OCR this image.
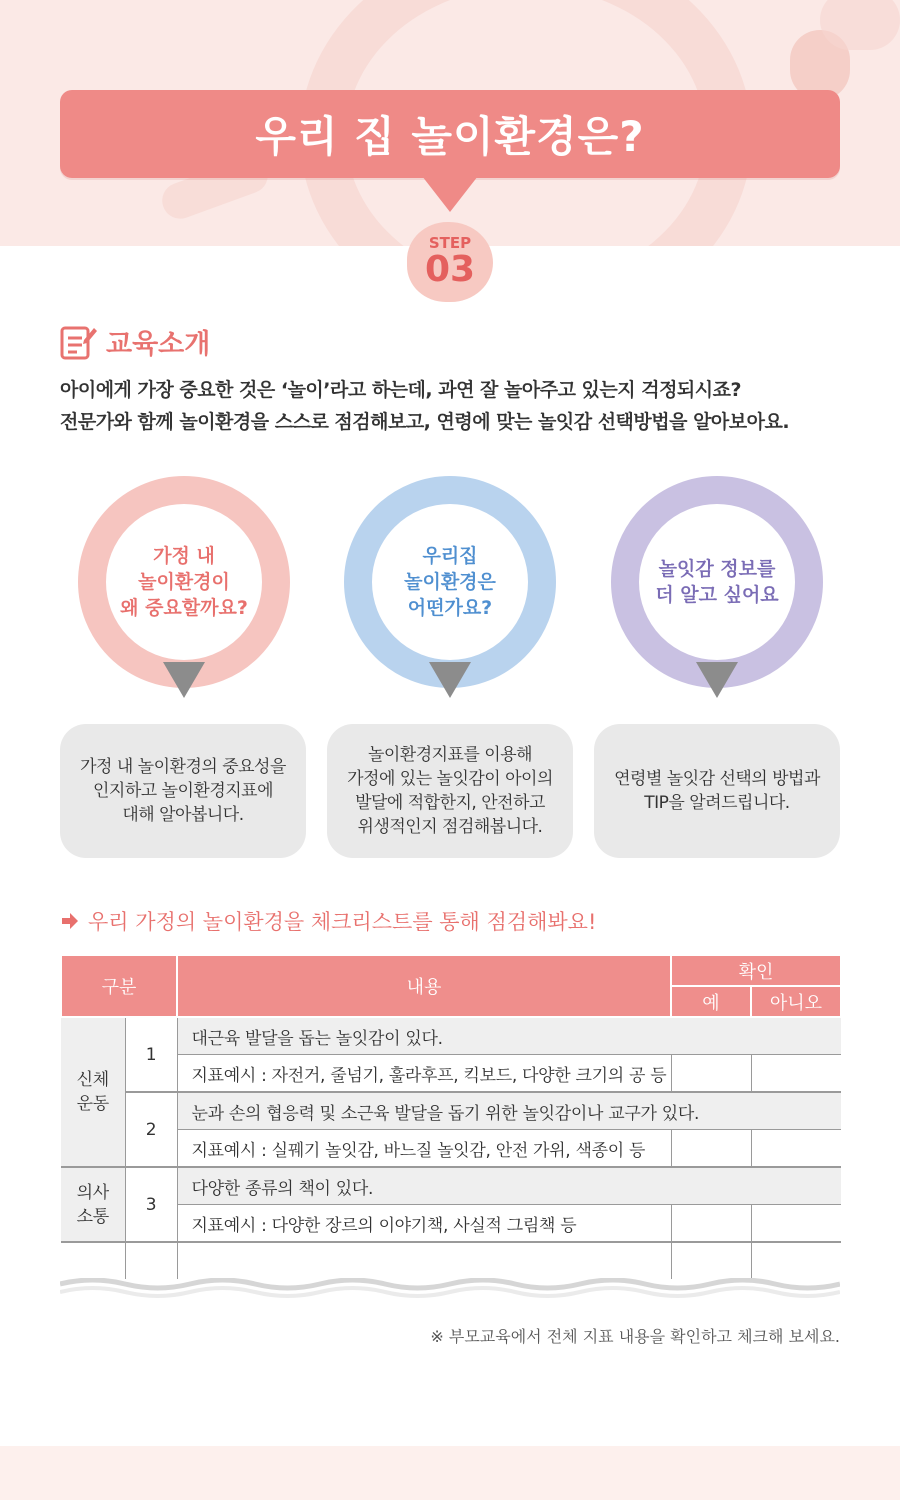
우리 집 놀이환경은?
STEP
03
교육소개
아이에게 가장 중요한 것은 ‘놀이’라고 하는데, 과연 잘 놀아주고 있는지 걱정되시죠?
전문가와 함께 놀이환경을 스스로 점검해보고, 연령에 맞는 놀잇감 선택방법을 알아보아요.
가정 내
놀이환경이
왜 중요할까요?
가정 내 놀이환경의 중요성을
인지하고 놀이환경지표에
대해 알아봅니다.
우리집
놀이환경은
어떤가요?
놀이환경지표를 이용해
가정에 있는 놀잇감이 아이의
발달에 적합한지, 안전하고
위생적인지 점검해봅니다.
놀잇감 정보를
더 알고 싶어요
연령별 놀잇감 선택의 방법과
TIP을 알려드립니다.
우리 가정의 놀이환경을 체크리스트를 통해 점검해봐요!
구분		내용	확인	
			예	아니오
신체
운동	1	대근육 발달을 돕는 놀잇감이 있다.		
		지표예시 : 자전거, 줄넘기, 훌라후프, 킥보드, 다양한 크기의 공 등		
	2	눈과 손의 협응력 및 소근육 발달을 돕기 위한 놀잇감이나 교구가 있다.		
		지표예시 : 실꿰기 놀잇감, 바느질 놀잇감, 안전 가위, 색종이 등		
의사
소통	3	다양한 종류의 책이 있다.		
		지표예시 : 다양한 장르의 이야기책, 사실적 그림책 등		

※ 부모교육에서 전체 지표 내용을 확인하고 체크해 보세요.
